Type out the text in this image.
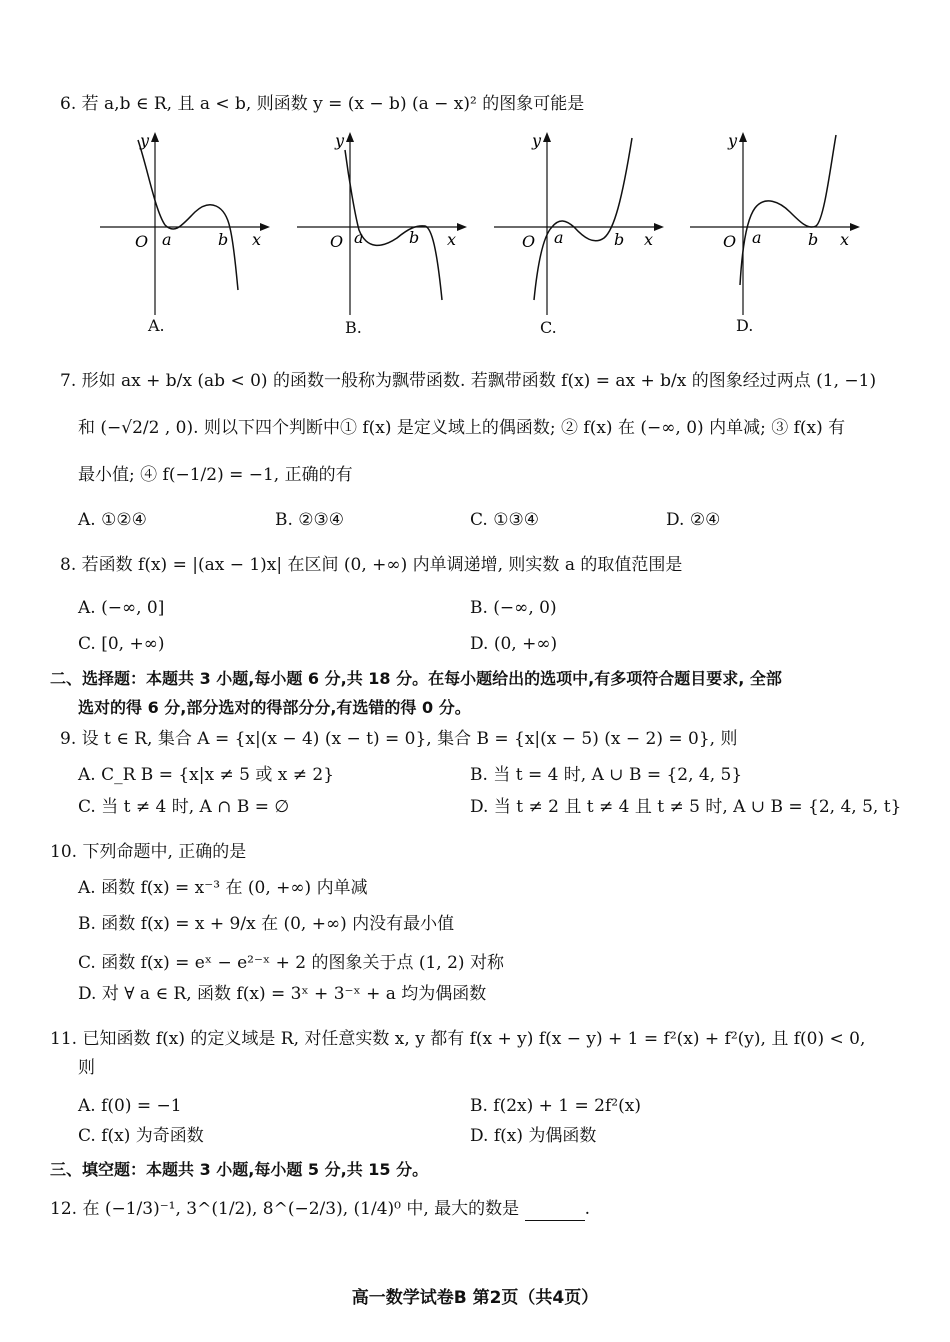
6. 若 a,b ∈ R, 且 a < b, 则函数 y = (x − b) (a − x)² 的图象可能是
y
O a	b x
A.
y
O a	b x
B.
y
O a	b x
C.
y
O a	b x
D.
7. 形如 ax + b/x (ab < 0) 的函数一般称为飘带函数. 若飘带函数 f(x) = ax + b/x 的图象经过两点 (1, −1)
和 (−√2/2 , 0). 则以下四个判断中① f(x) 是定义域上的偶函数; ② f(x) 在 (−∞, 0) 内单减; ③ f(x) 有
最小值; ④ f(−1/2) = −1, 正确的有
A. ①②④	B. ②③④	C. ①③④	D. ②④
8. 若函数 f(x) = |(ax − 1)x| 在区间 (0, +∞) 内单调递增, 则实数 a 的取值范围是
A. (−∞, 0]	B. (−∞, 0)
C. [0, +∞)	D. (0, +∞)
二、选择题：本题共 3 小题,每小题 6 分,共 18 分。在每小题给出的选项中,有多项符合题目要求, 全部
选对的得 6 分,部分选对的得部分分,有选错的得 0 分。
9. 设 t ∈ R, 集合 A = {x|(x − 4) (x − t) = 0}, 集合 B = {x|(x − 5) (x − 2) = 0}, 则
A. C_R B = {x|x ≠ 5 或 x ≠ 2}	B. 当 t = 4 时, A ∪ B = {2, 4, 5}
C. 当 t ≠ 4 时, A ∩ B = ∅	D. 当 t ≠ 2 且 t ≠ 4 且 t ≠ 5 时, A ∪ B = {2, 4, 5, t}
10. 下列命题中, 正确的是
A. 函数 f(x) = x⁻³ 在 (0, +∞) 内单减
B. 函数 f(x) = x + 9/x 在 (0, +∞) 内没有最小值
C. 函数 f(x) = eˣ − e²⁻ˣ + 2 的图象关于点 (1, 2) 对称
D. 对 ∀ a ∈ R, 函数 f(x) = 3ˣ + 3⁻ˣ + a 均为偶函数
11. 已知函数 f(x) 的定义域是 R, 对任意实数 x, y 都有 f(x + y) f(x − y) + 1 = f²(x) + f²(y), 且 f(0) < 0,
则
A. f(0) = −1	B. f(2x) + 1 = 2f²(x)
C. f(x) 为奇函数	D. f(x) 为偶函数
三、填空题：本题共 3 小题,每小题 5 分,共 15 分。
12. 在 (−1/3)⁻¹, 3^(1/2), 8^(−2/3), (1/4)⁰ 中, 最大的数是	.
高一数学试卷B 第2页（共4页）
